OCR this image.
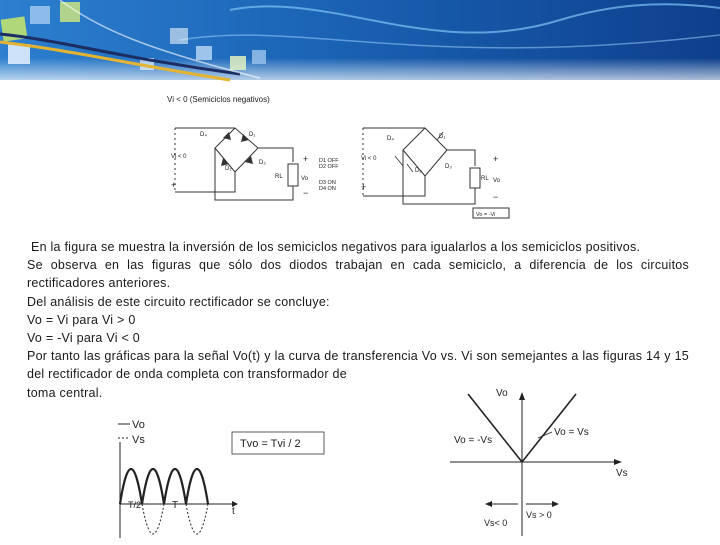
Vi < 0 (Semiciclos negativos)
D₄	D₁
D₂
D₃
Vi < 0
RL	Vo
+
−
+
D1 OFF
D2 OFF
D3 ON
D4 ON
D₄	D₁
D₂
D₃
Vi < 0
RL Vo
+
−
+
Vo = -Vi

En la figura se muestra la inversión de los semiciclos negativos para igualarlos a los semiciclos positivos.

Se observa en las figuras que sólo dos diodos trabajan en cada semiciclo, a diferencia de los circuitos rectificadores anteriores.

Del análisis de este circuito rectificador se concluye:

Vo = Vi para Vi > 0

Vo = -Vi para Vi < 0

Por tanto las gráficas para la señal Vo(t) y la curva de transferencia Vo vs. Vi son semejantes a las figuras 14 y 15 del rectificador de onda completa con transformador de

toma central.

Vo
Vs	Tvo = Tvi / 2
T/2	T
t
Vo
Vs
Vo = -Vs
Vo = Vs
Vs > 0
Vs< 0
